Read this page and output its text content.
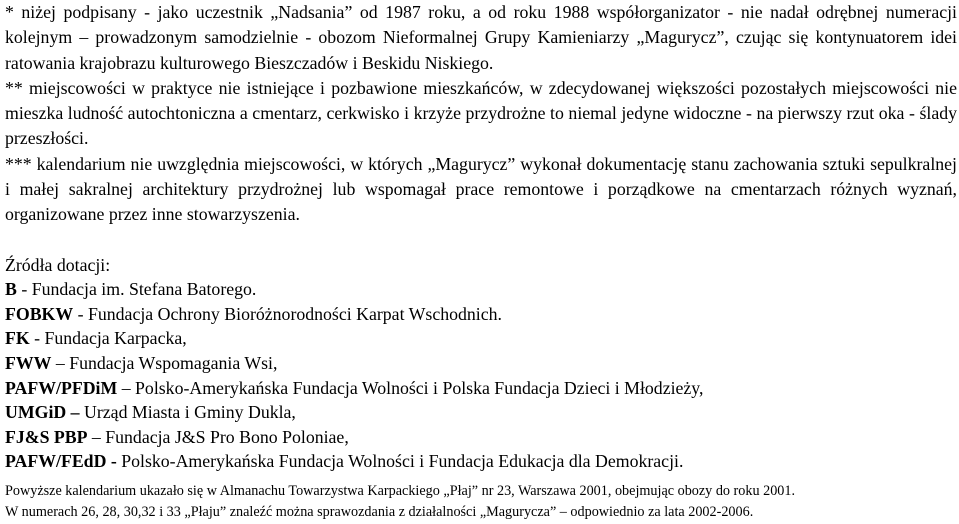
* niżej podpisany - jako uczestnik „Nadsania” od 1987 roku, a od roku 1988 współorganizator - nie nadał odrębnej numeracji kolejnym – prowadzonym samodzielnie - obozom Nieformalnej Grupy Kamieniarzy „Magurycz”, czując się kontynuatorem idei ratowania krajobrazu kulturowego Bieszczadów i Beskidu Niskiego.

** miejscowości w praktyce nie istniejące i pozbawione mieszkańców, w zdecydowanej większości pozostałych miejscowości nie mieszka ludność autochtoniczna a cmentarz, cerkwisko i krzyże przydrożne to niemal jedyne widoczne - na pierwszy rzut oka - ślady przeszłości.

*** kalendarium nie uwzględnia miejscowości, w których „Magurycz” wykonał dokumentację stanu zachowania sztuki sepulkralnej i małej sakralnej architektury przydrożnej lub wspomagał prace remontowe i porządkowe na cmentarzach różnych wyznań, organizowane przez inne stowarzyszenia.

Źródła dotacji:

B - Fundacja im. Stefana Batorego.

FOBKW - Fundacja Ochrony Bioróżnorodności Karpat Wschodnich.

FK - Fundacja Karpacka,

FWW – Fundacja Wspomagania Wsi,

PAFW/PFDiM – Polsko-Amerykańska Fundacja Wolności i Polska Fundacja Dzieci i Młodzieży,

UMGiD – Urząd Miasta i Gminy Dukla,

FJ&S PBP – Fundacja J&S Pro Bono Poloniae,

PAFW/FEdD - Polsko-Amerykańska Fundacja Wolności i Fundacja Edukacja dla Demokracji.

Powyższe kalendarium ukazało się w Almanachu Towarzystwa Karpackiego „Płaj” nr 23, Warszawa 2001, obejmując obozy do roku 2001.

W numerach 26, 28, 30,32 i 33 „Płaju” znaleźć można sprawozdania z działalności „Magurycza” – odpowiednio za lata 2002-2006.
